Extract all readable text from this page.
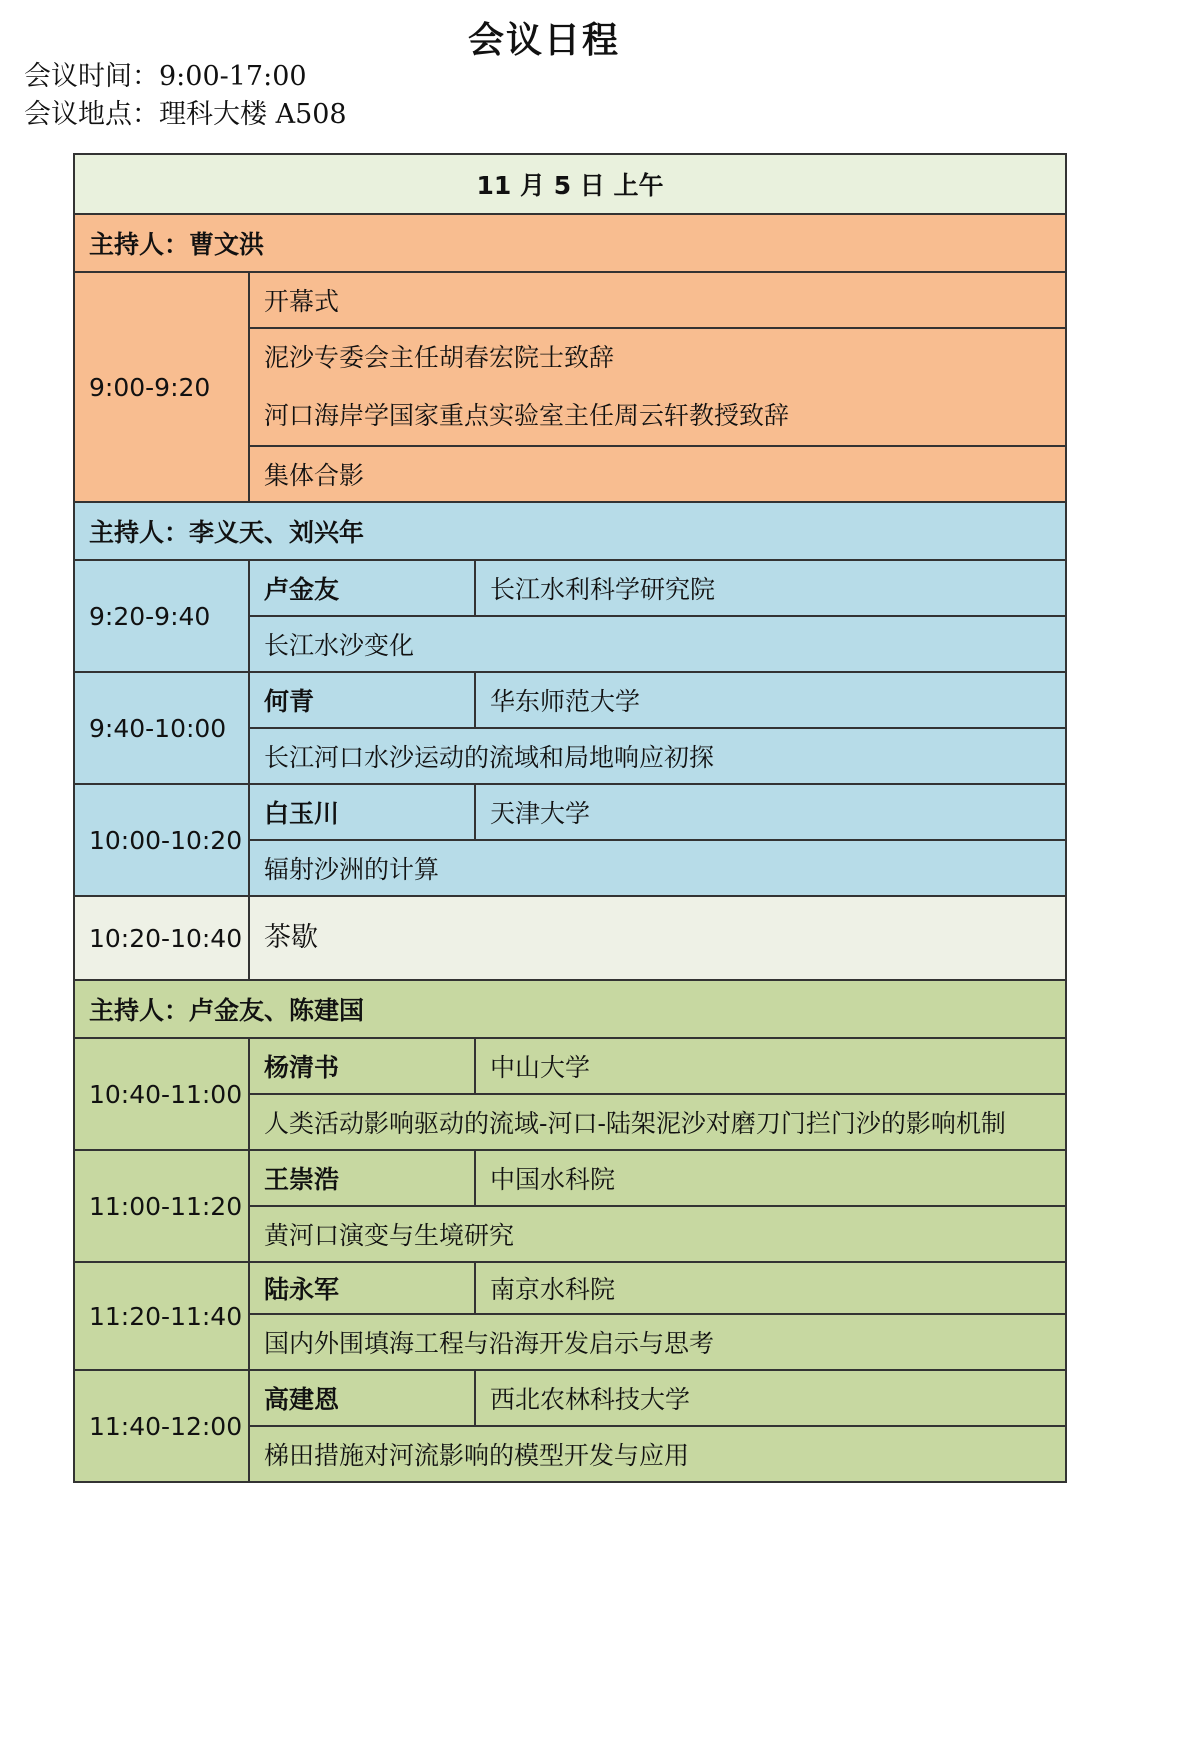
会议日程
会议时间：9:00-17:00
会议地点：理科大楼 A508
11 月 5 日 上午		
主持人：曹文洪		
9:00-9:20	开幕式	

	泥沙专委会主任胡春宏院士致辞
河口海岸学国家重点实验室主任周云轩教授致辞	

	集体合影	
主持人：李义天、刘兴年		
9:20-9:40	卢金友	长江水利科学研究院
	长江水沙变化	
9:40-10:00	何青	华东师范大学
	长江河口水沙运动的流域和局地响应初探	
10:00-10:20	白玉川	天津大学
	辐射沙洲的计算	
10:20-10:40	茶歇	
主持人：卢金友、陈建国		
10:40-11:00	杨清书	中山大学
	人类活动影响驱动的流域-河口-陆架泥沙对磨刀门拦门沙的影响机制	
11:00-11:20	王崇浩	中国水科院
	黄河口演变与生境研究	
11:20-11:40	陆永军	南京水科院
	国内外围填海工程与沿海开发启示与思考	
11:40-12:00	高建恩	西北农林科技大学
	梯田措施对河流影响的模型开发与应用	
